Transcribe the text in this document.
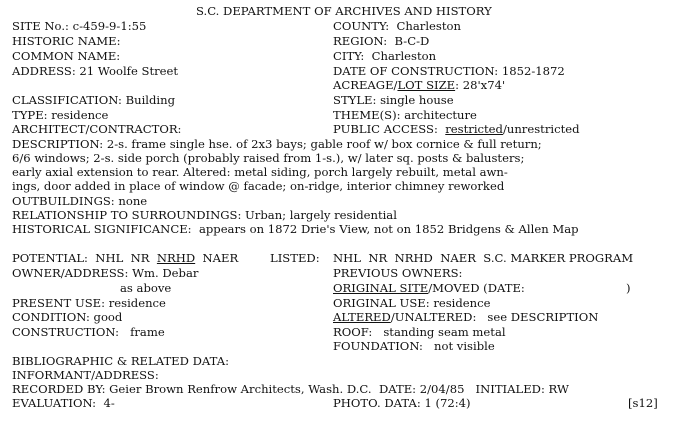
S.C. DEPARTMENT OF ARCHIVES AND HISTORY
SITE No.: c-459-9-1:55	COUNTY:  Charleston
HISTORIC NAME:	REGION:  B-C-D
COMMON NAME:	CITY:  Charleston
ADDRESS: 21 Woolfe Street	DATE OF CONSTRUCTION: 1852-1872
ACREAGE/LOT SIZE: 28'x74'
CLASSIFICATION: Building	STYLE: single house
TYPE: residence	THEME(S): architecture
ARCHITECT/CONTRACTOR:	PUBLIC ACCESS:  restricted/unrestricted
DESCRIPTION: 2-s. frame single hse. of 2x3 bays; gable roof w/ box cornice & full return;
6/6 windows; 2-s. side porch (probably raised from 1-s.), w/ later sq. posts & balusters;
early axial extension to rear. Altered: metal siding, porch largely rebuilt, metal awn-
ings, door added in place of window @ facade; on-ridge, interior chimney reworked
OUTBUILDINGS: none
RELATIONSHIP TO SURROUNDINGS: Urban; largely residential
HISTORICAL SIGNIFICANCE:  appears on 1872 Drie's View, not on 1852 Bridgens & Allen Map
POTENTIAL:  NHL  NR  NRHD  NAER	LISTED: NHL  NR  NRHD  NAER  S.C. MARKER PROGRAM
OWNER/ADDRESS: Wm. Debar	PREVIOUS OWNERS:
as above	ORIGINAL SITE/MOVED (DATE:	)
PRESENT USE: residence	ORIGINAL USE: residence
CONDITION: good	ALTERED/UNALTERED:   see DESCRIPTION
CONSTRUCTION:   frame	ROOF:   standing seam metal
FOUNDATION:   not visible
BIBLIOGRAPHIC & RELATED DATA:
INFORMANT/ADDRESS:
RECORDED BY: Geier Brown Renfrow Architects, Wash. D.C.  DATE: 2/04/85   INITIALED: RW
EVALUATION:  4-	PHOTO. DATA: 1 (72:4)	[s12]
